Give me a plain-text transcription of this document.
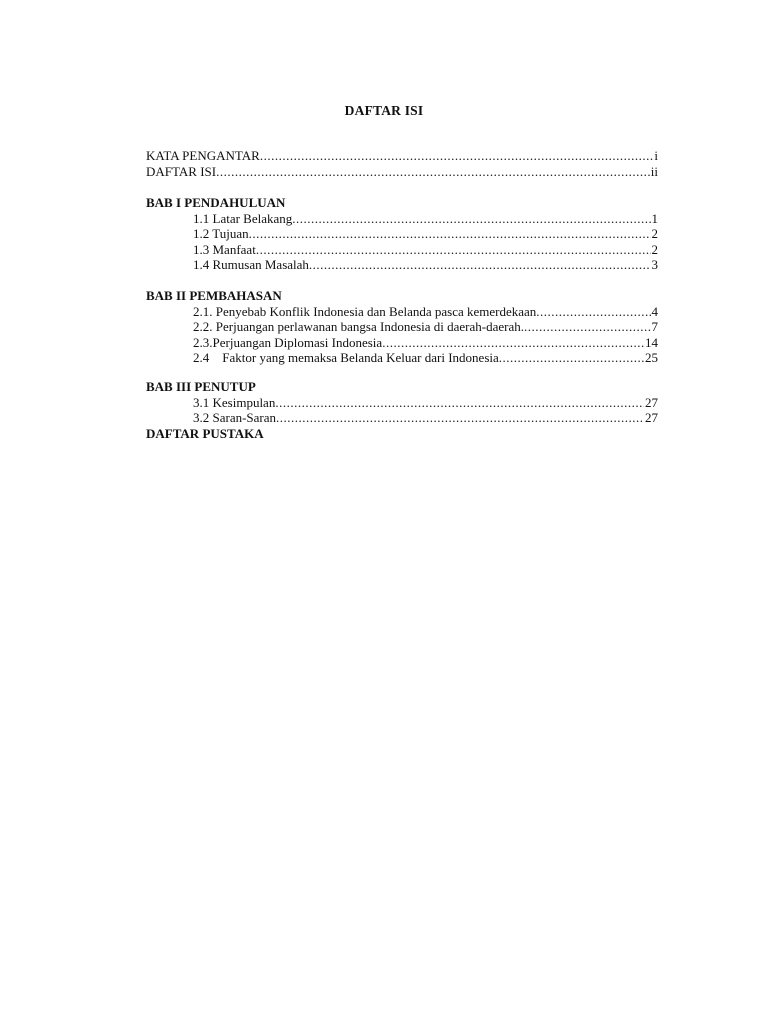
DAFTAR ISI
KATA PENGANTAR .....	i
DAFTAR ISI .....	ii
BAB I PENDAHULUAN
1.1 Latar Belakang .....	1
1.2 Tujuan .....	2
1.3 Manfaat .....	2
1.4 Rumusan Masalah .....	3
BAB II PEMBAHASAN
2.1. Penyebab Konflik Indonesia dan Belanda pasca kemerdekaan .....	4
2.2. Perjuangan perlawanan bangsa Indonesia di daerah-daerah. .....	7
2.3.Perjuangan Diplomasi Indonesia .....	14
2.4    Faktor yang memaksa Belanda Keluar dari Indonesia .....	25
BAB III PENUTUP
3.1 Kesimpulan .....	27
3.2 Saran-Saran .....	27
DAFTAR PUSTAKA
